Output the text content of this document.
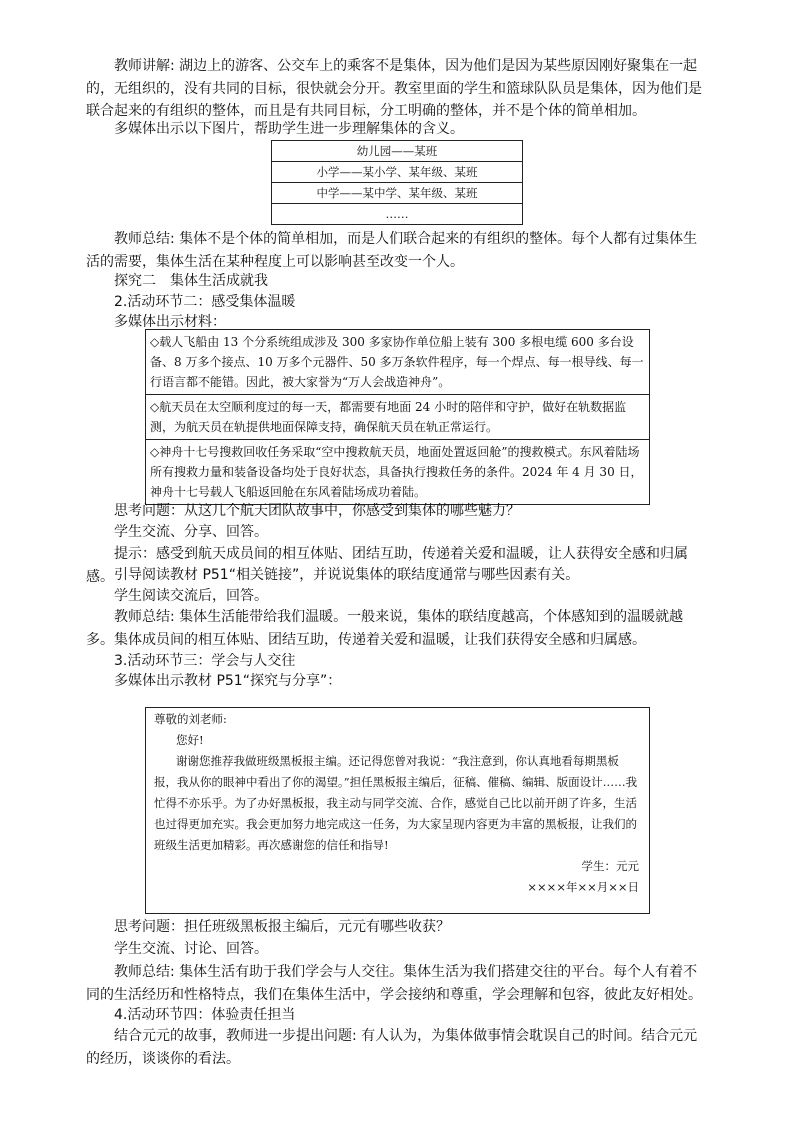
教师讲解: 湖边上的游客、公交车上的乘客不是集体，因为他们是因为某些原因刚好聚集在一起的，无组织的，没有共同的目标，很快就会分开。教室里面的学生和篮球队队员是集体，因为他们是联合起来的有组织的整体，而且是有共同目标，分工明确的整体，并不是个体的简单相加。

多媒体出示以下图片，帮助学生进一步理解集体的含义。

幼儿园——某班
小学——某小学、某年级、某班
中学——某中学、某年级、某班
……

教师总结: 集体不是个体的简单相加，而是人们联合起来的有组织的整体。每个人都有过集体生活的需要，集体生活在某种程度上可以影响甚至改变一个人。

探究二　集体生活成就我

2.活动环节二：感受集体温暖

多媒体出示材料：

◇载人飞船由 13 个分系统组成涉及 300 多家协作单位船上装有 300 多根电缆 600 多台设备、8 万多个接点、10 万多个元器件、50 多万条软件程序，每一个焊点、每一根导线、每一行语言都不能错。因此，被大家誉为“万人会战造神舟”。
◇航天员在太空顺利度过的每一天，都需要有地面 24 小时的陪伴和守护，做好在轨数据监测，为航天员在轨提供地面保障支持，确保航天员在轨正常运行。
◇神舟十七号搜救回收任务采取“空中搜救航天员，地面处置返回舱”的搜救模式。东风着陆场所有搜救力量和装备设备均处于良好状态，具备执行搜救任务的条件。2024 年 4 月 30 日，神舟十七号载人飞船返回舱在东风着陆场成功着陆。

思考问题：从这几个航天团队故事中，你感受到集体的哪些魅力？

学生交流、分享、回答。

提示：感受到航天成员间的相互体贴、团结互助，传递着关爱和温暖，让人获得安全感和归属感。 引导阅读教材 P51“相关链接”，并说说集体的联结度通常与哪些因素有关。

学生阅读交流后，回答。

教师总结: 集体生活能带给我们温暖。一般来说，集体的联结度越高，个体感知到的温暖就越多。集体成员间的相互体贴、团结互助，传递着关爱和温暖，让我们获得安全感和归属感。

3.活动环节三：学会与人交往

多媒体出示教材 P51“探究与分享”：

尊敬的刘老师:
您好!
谢谢您推荐我做班级黑板报主编。还记得您曾对我说：“我注意到，你认真地看每期黑板报，我从你的眼神中看出了你的渴望。”担任黑板报主编后，征稿、催稿、编辑、版面设计……我忙得不亦乐乎。为了办好黑板报，我主动与同学交流、合作，感觉自己比以前开朗了许多，生活也过得更加充实。我会更加努力地完成这一任务，为大家呈现内容更为丰富的黑板报，让我们的班级生活更加精彩。再次感谢您的信任和指导!
学生：元元
××××年××月××日

思考问题：担任班级黑板报主编后，元元有哪些收获？

学生交流、讨论、回答。

教师总结: 集体生活有助于我们学会与人交往。集体生活为我们搭建交往的平台。每个人有着不同的生活经历和性格特点，我们在集体生活中，学会接纳和尊重，学会理解和包容，彼此友好相处。

4.活动环节四：体验责任担当

结合元元的故事，教师进一步提出问题: 有人认为，为集体做事情会耽误自己的时间。结合元元的经历，谈谈你的看法。
